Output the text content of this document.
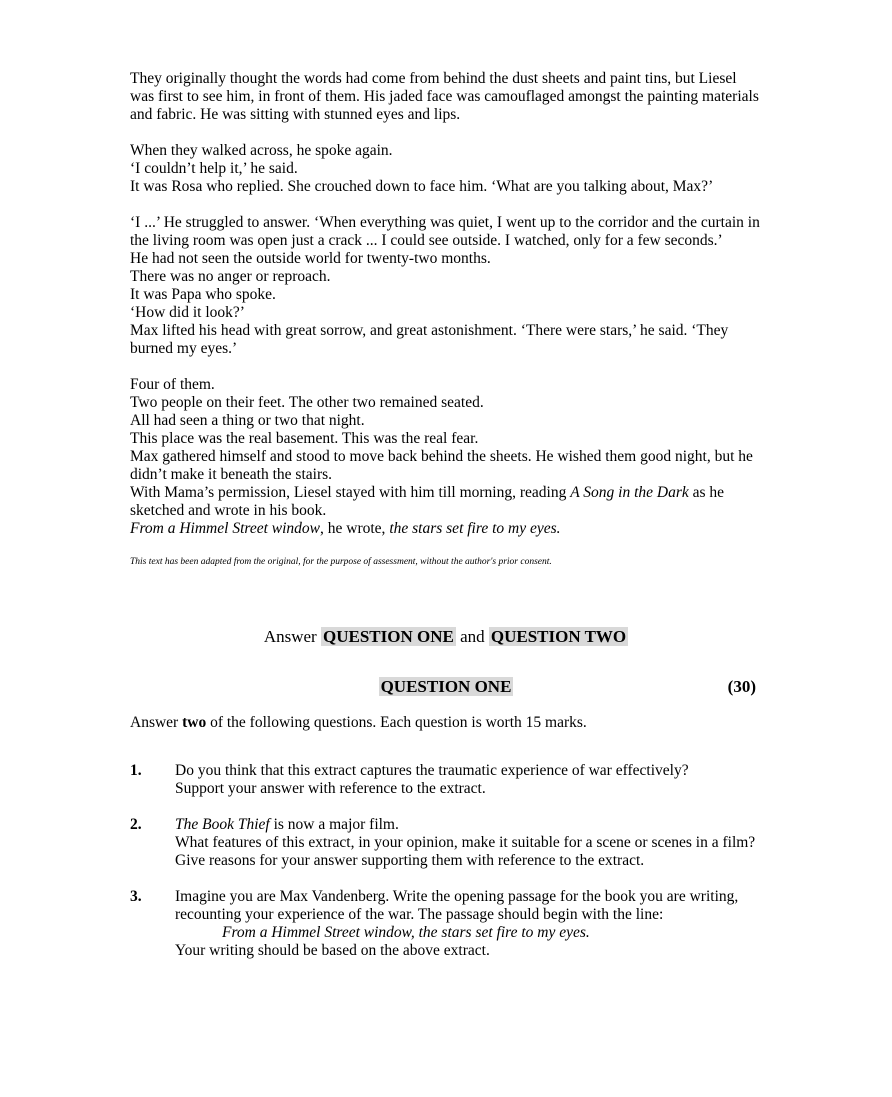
They originally thought the words had come from behind the dust sheets and paint tins, but Liesel was first to see him, in front of them. His jaded face was camouflaged amongst the painting materials and fabric. He was sitting with stunned eyes and lips.

When they walked across, he spoke again.
‘I couldn’t help it,’ he said.
It was Rosa who replied. She crouched down to face him. ‘What are you talking about, Max?’

‘I ...’ He struggled to answer. ‘When everything was quiet, I went up to the corridor and the curtain in the living room was open just a crack ... I could see outside. I watched, only for a few seconds.’
He had not seen the outside world for twenty-two months.
There was no anger or reproach.
It was Papa who spoke.
‘How did it look?’
Max lifted his head with great sorrow, and great astonishment. ‘There were stars,’ he said. ‘They burned my eyes.’

Four of them.
Two people on their feet. The other two remained seated.
All had seen a thing or two that night.
This place was the real basement. This was the real fear.
Max gathered himself and stood to move back behind the sheets. He wished them good night, but he didn’t make it beneath the stairs.
With Mama’s permission, Liesel stayed with him till morning, reading A Song in the Dark as he sketched and wrote in his book.
From a Himmel Street window, he wrote, the stars set fire to my eyes.

This text has been adapted from the original, for the purpose of assessment, without the author's prior consent.
Answer QUESTION ONE and QUESTION TWO
QUESTION ONE	(30)
Answer two of the following questions. Each question is worth 15 marks.
1.	Do you think that this extract captures the traumatic experience of war effectively?
Support your answer with reference to the extract.
2.	The Book Thief is now a major film.
What features of this extract, in your opinion, make it suitable for a scene or scenes in a film?
Give reasons for your answer supporting them with reference to the extract.
3.	Imagine you are Max Vandenberg. Write the opening passage for the book you are writing,
recounting your experience of the war. The passage should begin with the line:
From a Himmel Street window, the stars set fire to my eyes.
Your writing should be based on the above extract.
